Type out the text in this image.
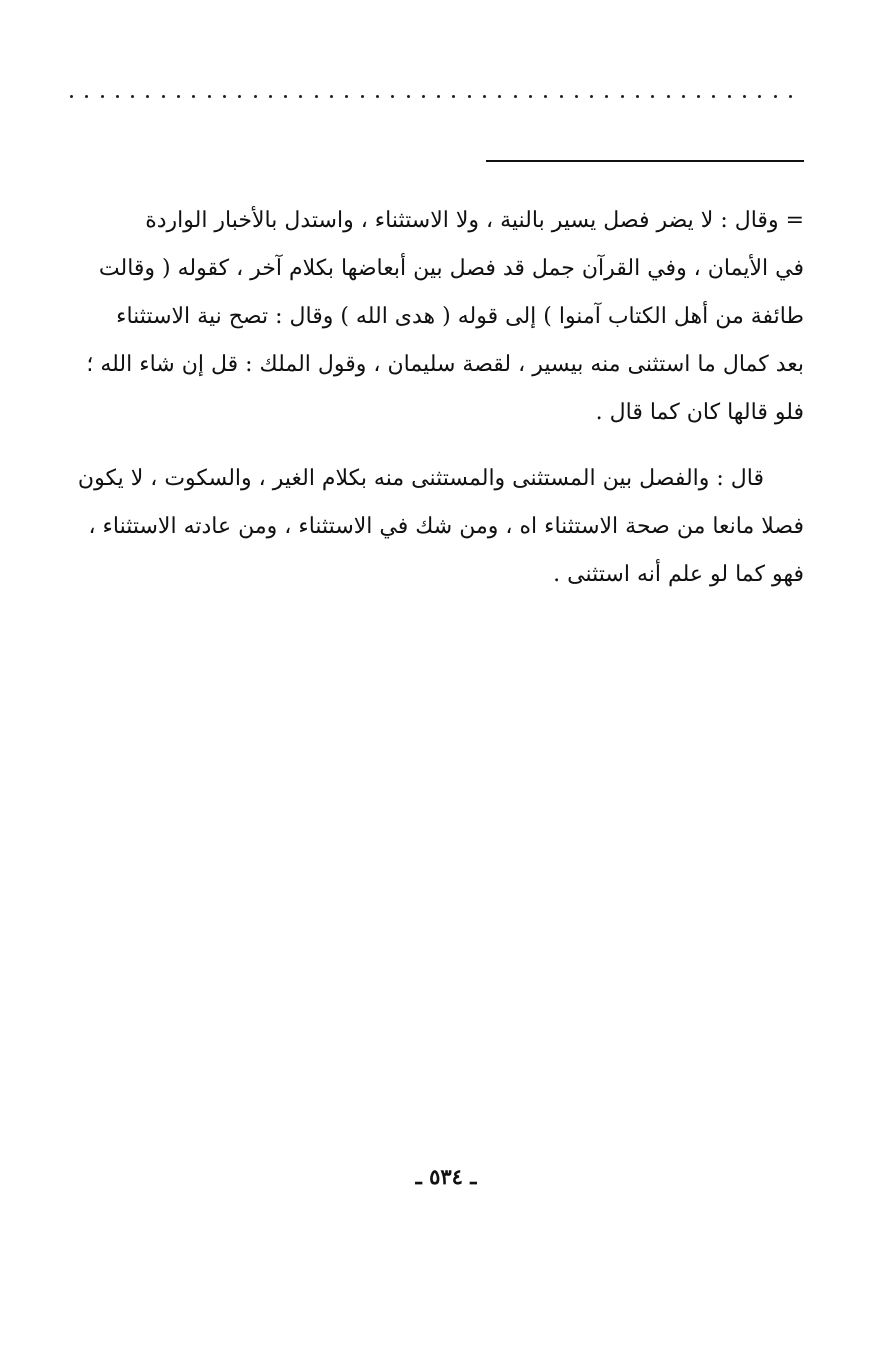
= وقال : لا يضر فصل يسير بالنية ، ولا الاستثناء ، واستدل بالأخبار الواردة
في الأيمان ، وفي القرآن جمل قد فصل بين أبعاضها بكلام آخر ، كقوله ( وقالت
طائفة من أهل الكتاب آمنوا ) إلى قوله ( هدى الله ) وقال : تصح نية الاستثناء
بعد كمال ما استثنى منه بيسير ، لقصة سليمان ، وقول الملك : قل إن شاء الله ؛
فلو قالها كان كما قال .
قال : والفصل بين المستثنى والمستثنى منه بكلام الغير ، والسكوت ، لا يكون
فصلا مانعا من صحة الاستثناء اه ، ومن شك في الاستثناء ، ومن عادته الاستثناء ،
فهو كما لو علم أنه استثنى .
ـ ٥٣٤ ـ
